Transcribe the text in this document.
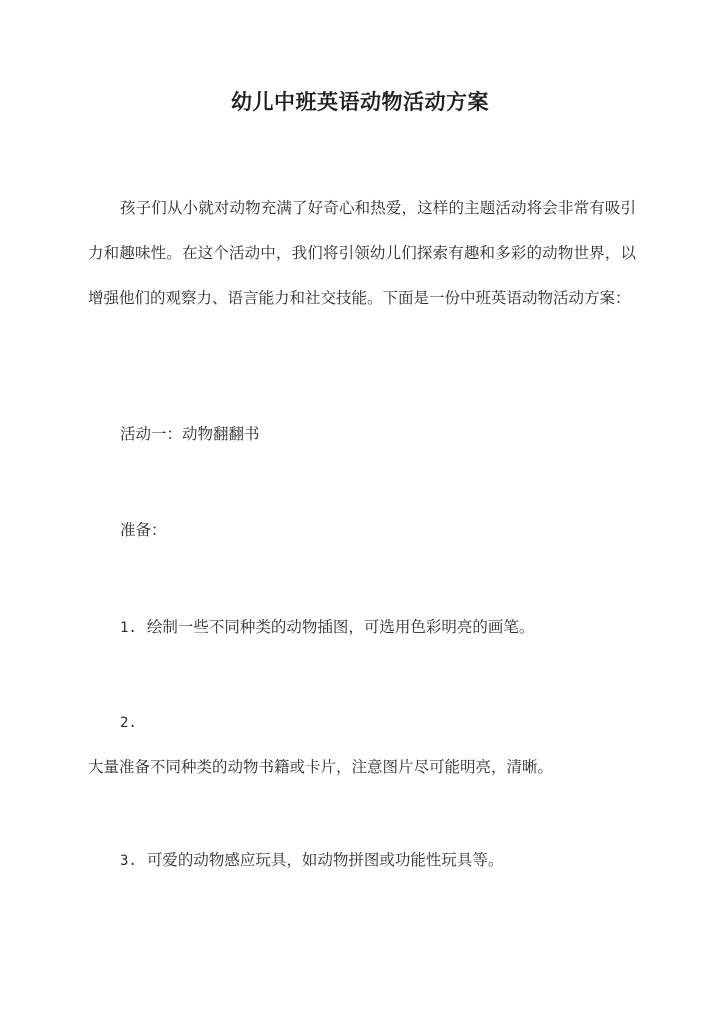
幼儿中班英语动物活动方案
孩子们从小就对动物充满了好奇心和热爱，这样的主题活动将会非常有吸引力和趣味性。在这个活动中，我们将引领幼儿们探索有趣和多彩的动物世界，以增强他们的观察力、语言能力和社交技能。下面是一份中班英语动物活动方案：
活动一：动物翻翻书
准备：
1. 绘制一些不同种类的动物插图，可选用色彩明亮的画笔。
2.
大量准备不同种类的动物书籍或卡片，注意图片尽可能明亮，清晰。
3. 可爱的动物感应玩具，如动物拼图或功能性玩具等。
